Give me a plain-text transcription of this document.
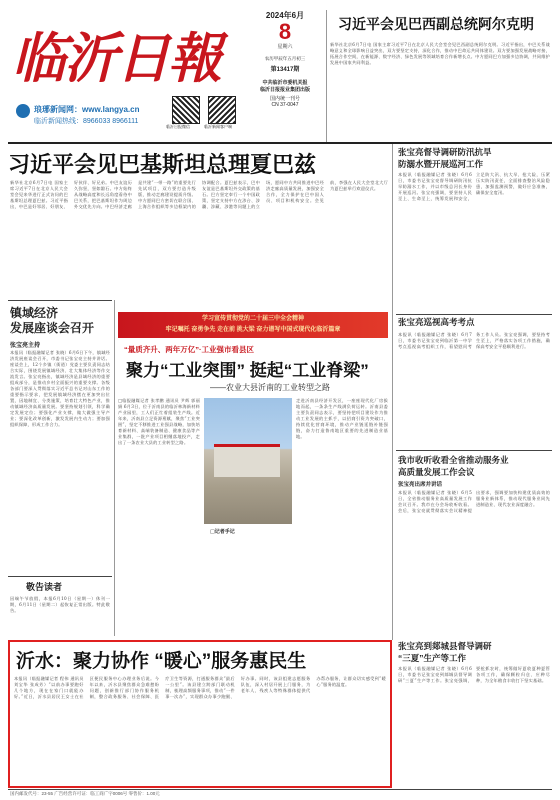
临沂日報
琅琊新闻网：www.langya.cn
临沂新闻热线：8966033 8966111
2024年6月
8
星期六
农历甲辰年五月初三
第13417期
中共临沂市委机关报
临沂日报报业集团出版
国内统一刊号
CN 37-0047
临沂日报微信	临沂新闻客户端
习近平会见巴西副总统阿尔克明
新华社北京6月7日电 国家主席习近平7日在北京人民大会堂会见巴西副总统阿尔克明。习近平指出，中巴关系战略意义和全球影响日益突出，双方要坚定支持，深化合作，推动中巴命运共同体建设。双方要加强发展战略对接，拓展合作空间，在新能源、数字经济、绿色发展等领域培育合作新增长点。中方愿同巴方加强多边协调，共同维护发展中国家共同利益。
习近平会见巴基斯坦总理夏巴兹
新华社北京6月7日电 国家主席习近平7日在北京人民大会堂会见来华进行正式访问的巴基斯坦总理夏巴兹。习近平指出，中巴是好邻居、好朋友、好伙伴、好兄弟。中巴友谊历久弥坚，坚如磐石。中方始终从战略高度和长远角度看待中巴关系，把巴基斯坦作为周边外交优先方向。中巴经济走廊是共建“一带一路”的重要先行先试项目，双方要打造升级版，推动走廊建设提质升级。中方愿同巴方密切在联合国、上海合作组织等多边框架内的协调配合。夏巴兹表示，巴中友谊是巴基斯坦外交政策的基石。巴方坚定奉行一个中国政策，坚定支持中方在涉台、涉疆、涉藏、涉港等问题上的立场，愿同中方共同推进中巴经济走廊高质量发展，加强安全合作，全力保护在巴中国人员、项目和机构安全。会见前，李强在人民大会堂北大厅为夏巴兹举行欢迎仪式。
镇域经济
发展座谈会召开
张宝亮主持
本报讯（临报融媒记者 张晓）6月6日下午，镇域经济发展座谈会召开，市委书记张宝亮主持并讲话。座谈会上，12个乡镇（街道）党委主要负责同志结合实际，围绕发展镇域经济、壮大集体经济等作交流发言。张宝亮指出，镇域经济是县域经济的重要组成部分，是推动乡村全面振兴的重要支撑。各级各部门要深入贯彻落实习近平总书记对山东工作的重要指示要求，把发展镇域经济摆在更加突出位置，因地制宜、分类施策，培育壮大特色产业，推动镇域经济高质量发展。要坚持规划引领，科学确定发展定位；要强化产业支撑，做大做强主导产业；要深化改革创新，激发发展内生动力；要加强组织保障，形成工作合力。
敬告读者
因端午节放假，本报6月10日（星期一）休刊一期，6月11日（星期二）起恢复正常出版。特此敬告。
学习宣传贯彻党的二十届三中全会精神
牢记嘱托 奋勇争先 走在前 挑大梁 奋力谱写中国式现代化临沂篇章
“量质齐升、两年万亿”·工业强市看县区
聚力“工业突围” 挺起“工业脊梁”
——农业大县沂南的工业转型之路
□临报融媒记者 张孝鹏 通讯员 尹辉 郭丽娟 6月3日，位于沂南县的临沂林海新材料产业园里，工人们正忙着组装生产线。近年来，沂南县立足资源禀赋，聚焦“工业突围”，坚定不移推进工业强县战略，加快培育新材料、高端装备制造、健康食品等产业集群，一批产业项目相继落地投产，走出了一条农业大县的工业转型之路。
□记者手记
走进沂南县经济开发区，一座座现代化厂房拔地而起，一条条生产线满负荷运转。沂南县委主要负责同志表示，要坚持把项目建设作为推动工业发展的主抓手，以招商引资为突破口，持续优化营商环境，推动产业链延链补链强链，奋力打造鲁南地区重要的先进制造业基地。
张宝亮督导调研防汛抗旱
防溺水暨开展巡河工作
本报讯（临报融媒记者 张晓）6月6日，市委书记张宝亮督导调研防汛抗旱防溺水工作，并以市级总河长身份开展巡河。张宝亮强调，要坚持人民至上、生命至上，统筹发展和安全，立足防大汛、抗大旱、抢大险，压紧压实防汛责任，全面排查整治风险隐患，加强监测预警，做好应急准备，确保安全度汛。
张宝亮巡视高考考点
本报讯（临报融媒记者 张晓）6月7日，市委书记张宝亮到临沂第一中学考点巡视高考组织工作，看望慰问考务工作人员。张宝亮强调，要坚持考生至上，严格落实各项工作措施，确保高考安全平稳顺利进行。
我市收听收看全省推动服务业
高质量发展工作会议
张宝亮出席并讲话
本报讯（临报融媒记者 张晓）6月5日，全省推动服务业高质量发展工作会议召开。我市在分会场收听收看。会后，张宝亮就贯彻落实会议精神提出要求，强调要加快构建优质高效的服务业新体系，推动现代服务业同先进制造业、现代农业深度融合。
沂水：聚力协作 “暖心”服务惠民生
本报讯（临报融媒记者 程伟 通讯员 刘宝华 张成芳）“以前办事要跑好几个地方，现在在家门口就能办好。”近日，沂水县居民王女士在社区便民服务中心办理业务后说。今年以来，沂水县聚焦群众急难愁盼问题，创新推行部门协作服务机制，整合政务服务、社会保障、医疗卫生等资源，打通服务群众“最后一公里”。该县建立跨部门联动机制，梳理高频服务事项，推动“一件事一次办”，实现群众办事少跑腿、好办事。同时，该县组建志愿服务队伍，深入村居开展上门服务，为老年人、残疾人等特殊群体提供代办帮办服务，让群众切实感受到“暖心”服务的温度。
张宝亮到郯城县督导调研
“三夏”生产等工作
本报讯（临报融媒记者 张晓）6月6日，市委书记张宝亮到郯城县督导调研“三夏”生产等工作。张宝亮强调，要抢抓农时，统筹做好夏收夏种夏管各项工作，确保颗粒归仓、应种尽种，为全年粮食丰收打下坚实基础。
国内邮发代号：23-55 广告经营许可证：临工商广字0006号 零售价：1.00元
